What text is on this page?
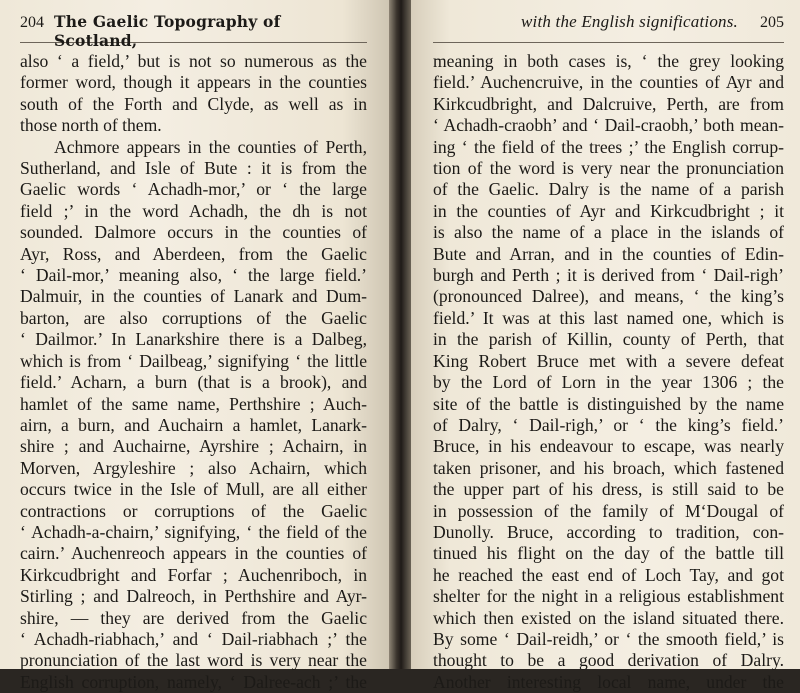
204 The Gaelic Topography of Scotland,
also ‘ a field,’ but is not so numerous as the
former word, though it appears in the counties
south of the Forth and Clyde, as well as in
those north of them.
Achmore appears in the counties of Perth,
Sutherland, and Isle of Bute : it is from the
Gaelic words ‘ Achadh-mor,’ or ‘ the large
field ;’ in the word Achadh, the dh is not
sounded. Dalmore occurs in the counties of
Ayr, Ross, and Aberdeen, from the Gaelic
‘ Dail-mor,’ meaning also, ‘ the large field.’
Dalmuir, in the counties of Lanark and Dum-
barton, are also corruptions of the Gaelic
‘ Dailmor.’ In Lanarkshire there is a Dalbeg,
which is from ‘ Dailbeag,’ signifying ‘ the little
field.’ Acharn, a burn (that is a brook), and
hamlet of the same name, Perthshire ; Auch-
airn, a burn, and Auchairn a hamlet, Lanark-
shire ; and Auchairne, Ayrshire ; Achairn, in
Morven, Argyleshire ; also Achairn, which
occurs twice in the Isle of Mull, are all either
contractions or corruptions of the Gaelic
‘ Achadh-a-chairn,’ signifying, ‘ the field of the
cairn.’ Auchenreoch appears in the counties of
Kirkcudbright and Forfar ; Auchenriboch, in
Stirling ; and Dalreoch, in Perthshire and Ayr-
shire, — they are derived from the Gaelic
‘ Achadh-riabhach,’ and ‘ Dail-riabhach ;’ the
pronunciation of the last word is very near the
English corruption, namely, ‘ Dalree-ach ;’ the
with the English significations. 205
meaning in both cases is, ‘ the grey looking
field.’ Auchencruive, in the counties of Ayr and
Kirkcudbright, and Dalcruive, Perth, are from
‘ Achadh-craobh’ and ‘ Dail-craobh,’ both mean-
ing ‘ the field of the trees ;’ the English corrup-
tion of the word is very near the pronunciation
of the Gaelic. Dalry is the name of a parish
in the counties of Ayr and Kirkcudbright ; it
is also the name of a place in the islands of
Bute and Arran, and in the counties of Edin-
burgh and Perth ; it is derived from ‘ Dail-righ’
(pronounced Dalree), and means, ‘ the king’s
field.’ It was at this last named one, which is
in the parish of Killin, county of Perth, that
King Robert Bruce met with a severe defeat
by the Lord of Lorn in the year 1306 ; the
site of the battle is distinguished by the name
of Dalry, ‘ Dail-righ,’ or ‘ the king’s field.’
Bruce, in his endeavour to escape, was nearly
taken prisoner, and his broach, which fastened
the upper part of his dress, is still said to be
in possession of the family of M‘Dougal of
Dunolly. Bruce, according to tradition, con-
tinued his flight on the day of the battle till
he reached the east end of Loch Tay, and got
shelter for the night in a religious establishment
which then existed on the island situated there.
By some ‘ Dail-reidh,’ or ‘ the smooth field,’ is
thought to be a good derivation of Dalry.
Another interesting local name, under the
